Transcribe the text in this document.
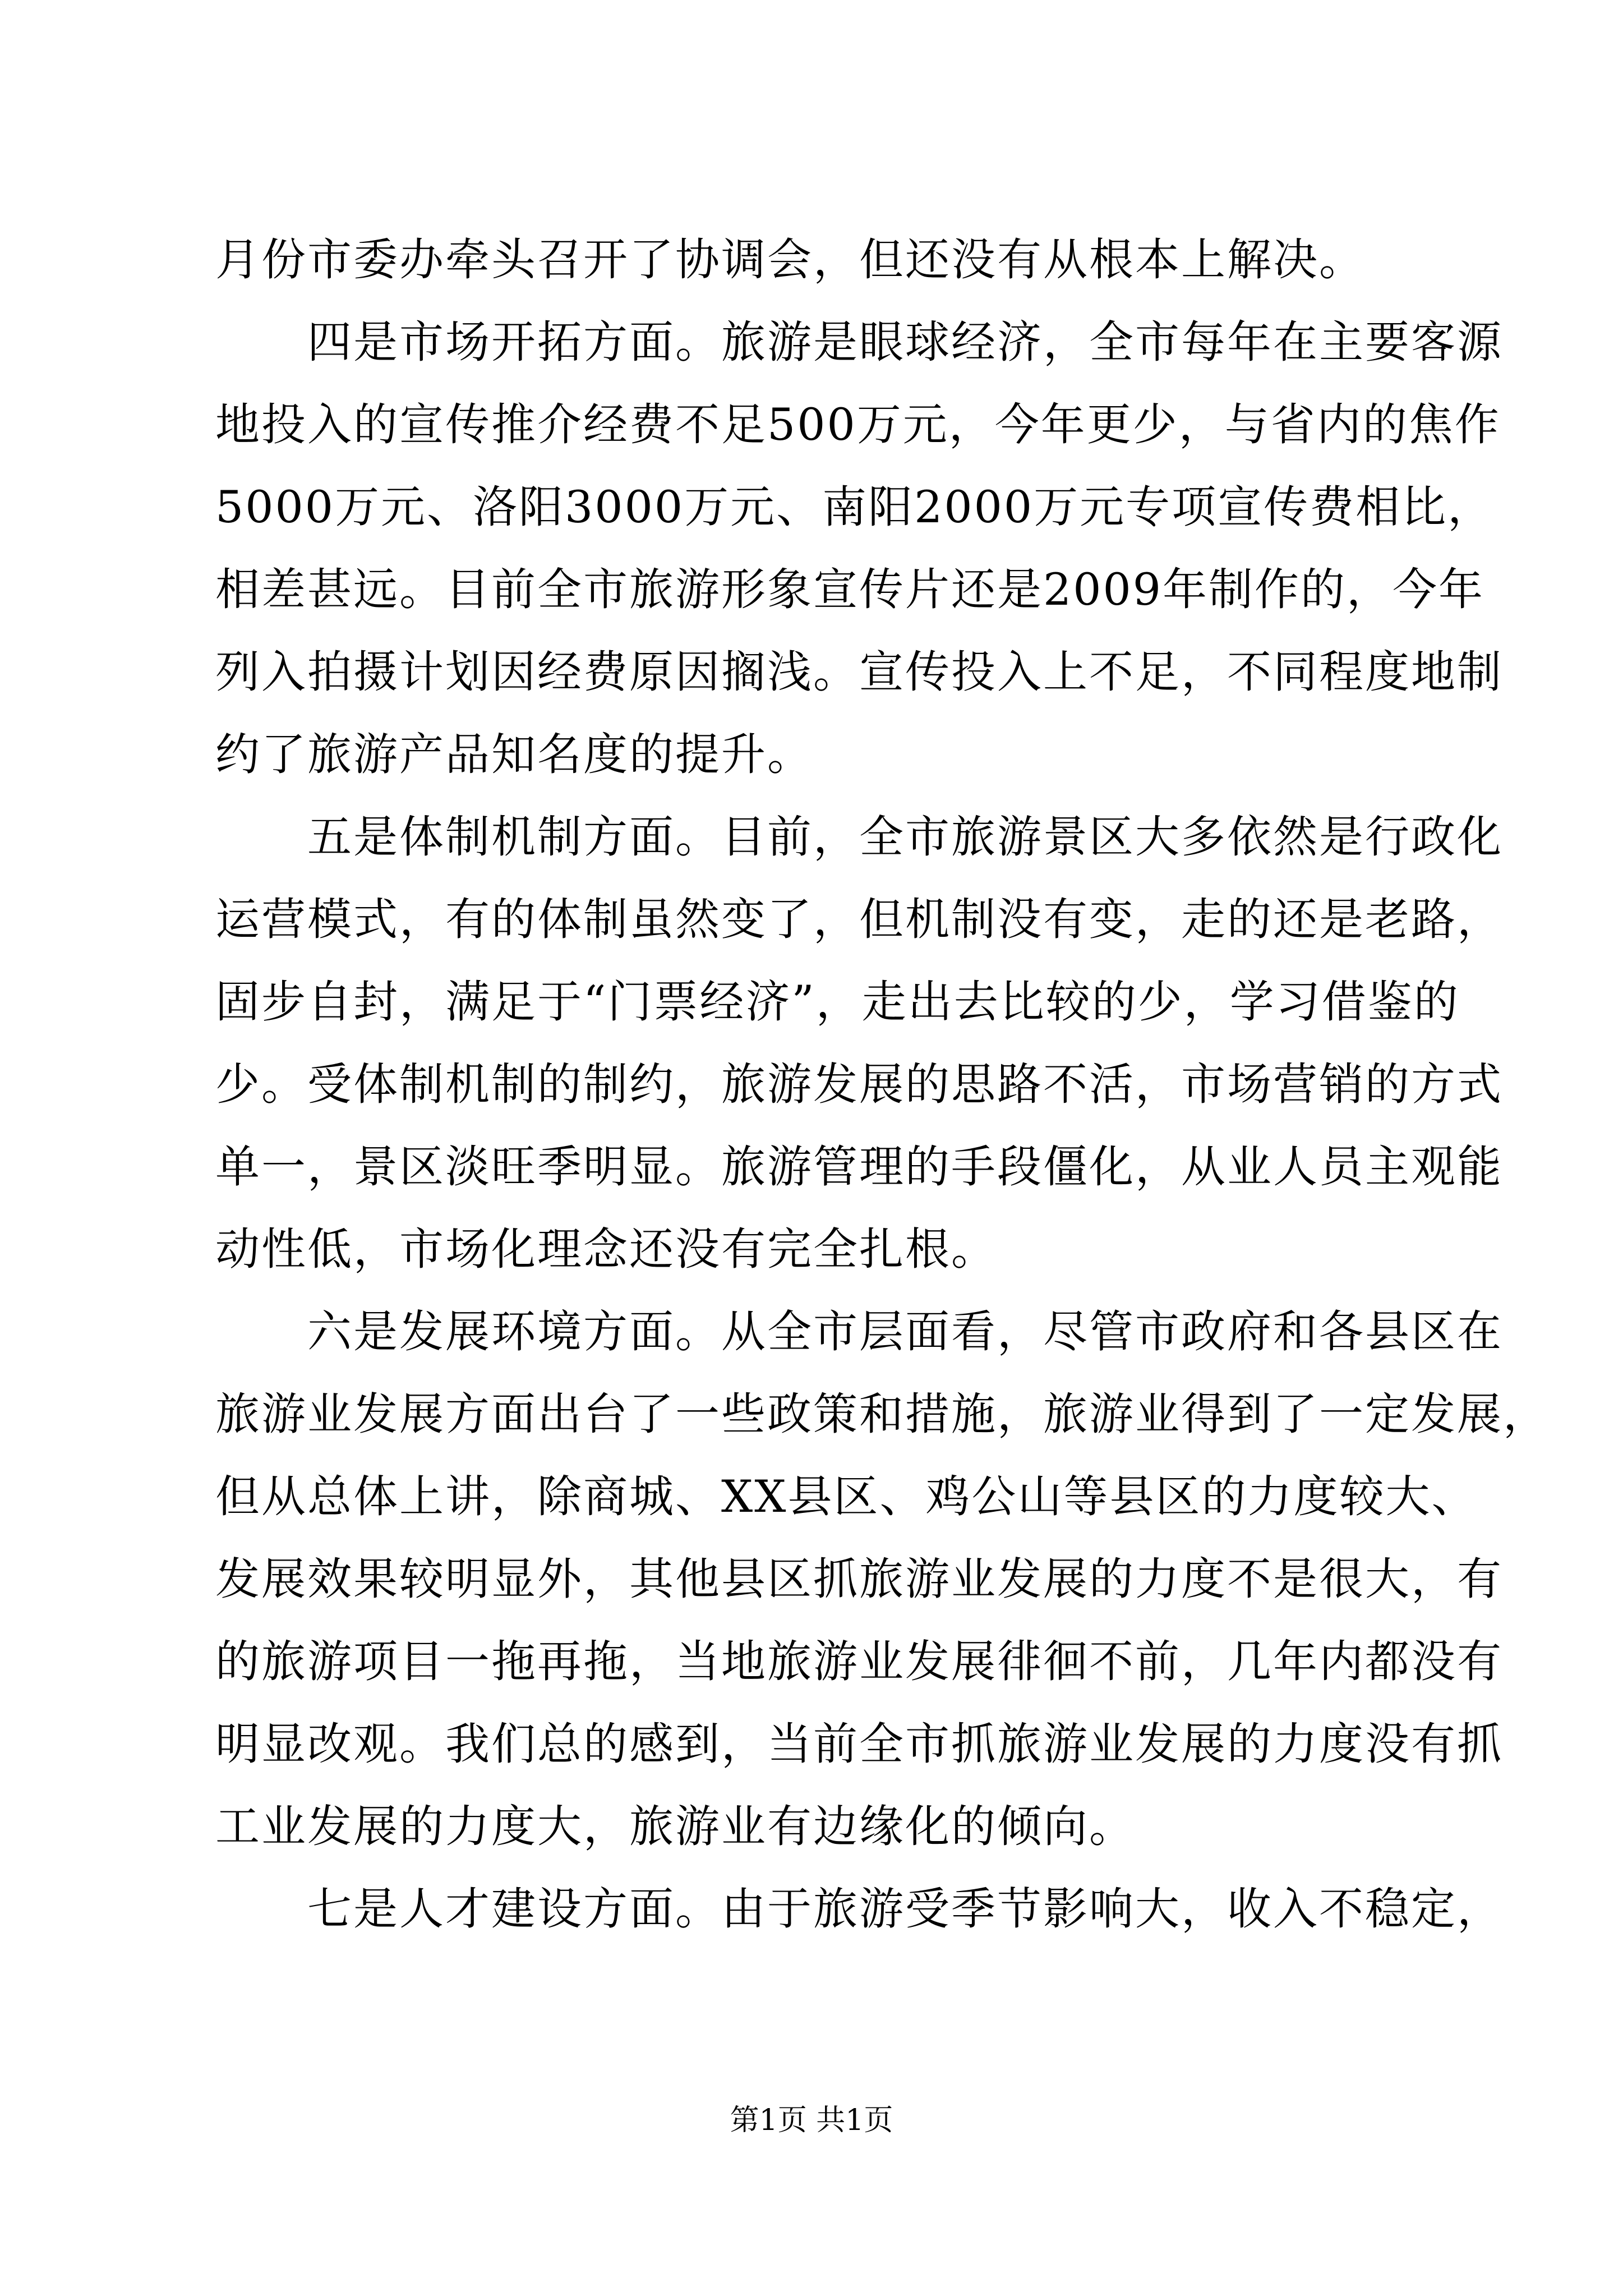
月份市委办牵头召开了协调会，但还没有从根本上解决。
四是市场开拓方面。旅游是眼球经济，全市每年在主要客源
地投入的宣传推介经费不足500万元，今年更少，与省内的焦作
5000万元、洛阳3000万元、南阳2000万元专项宣传费相比，
相差甚远。目前全市旅游形象宣传片还是2009年制作的，今年
列入拍摄计划因经费原因搁浅。宣传投入上不足，不同程度地制
约了旅游产品知名度的提升。
五是体制机制方面。目前，全市旅游景区大多依然是行政化
运营模式，有的体制虽然变了，但机制没有变，走的还是老路，
固步自封，满足于“门票经济”，走出去比较的少，学习借鉴的
少。受体制机制的制约，旅游发展的思路不活，市场营销的方式
单一，景区淡旺季明显。旅游管理的手段僵化，从业人员主观能
动性低，市场化理念还没有完全扎根。
六是发展环境方面。从全市层面看，尽管市政府和各县区在
旅游业发展方面出台了一些政策和措施，旅游业得到了一定发展，
但从总体上讲，除商城、XX县区、鸡公山等县区的力度较大、
发展效果较明显外，其他县区抓旅游业发展的力度不是很大，有
的旅游项目一拖再拖，当地旅游业发展徘徊不前，几年内都没有
明显改观。我们总的感到，当前全市抓旅游业发展的力度没有抓
工业发展的力度大，旅游业有边缘化的倾向。
七是人才建设方面。由于旅游受季节影响大，收入不稳定，
第1页 共1页
